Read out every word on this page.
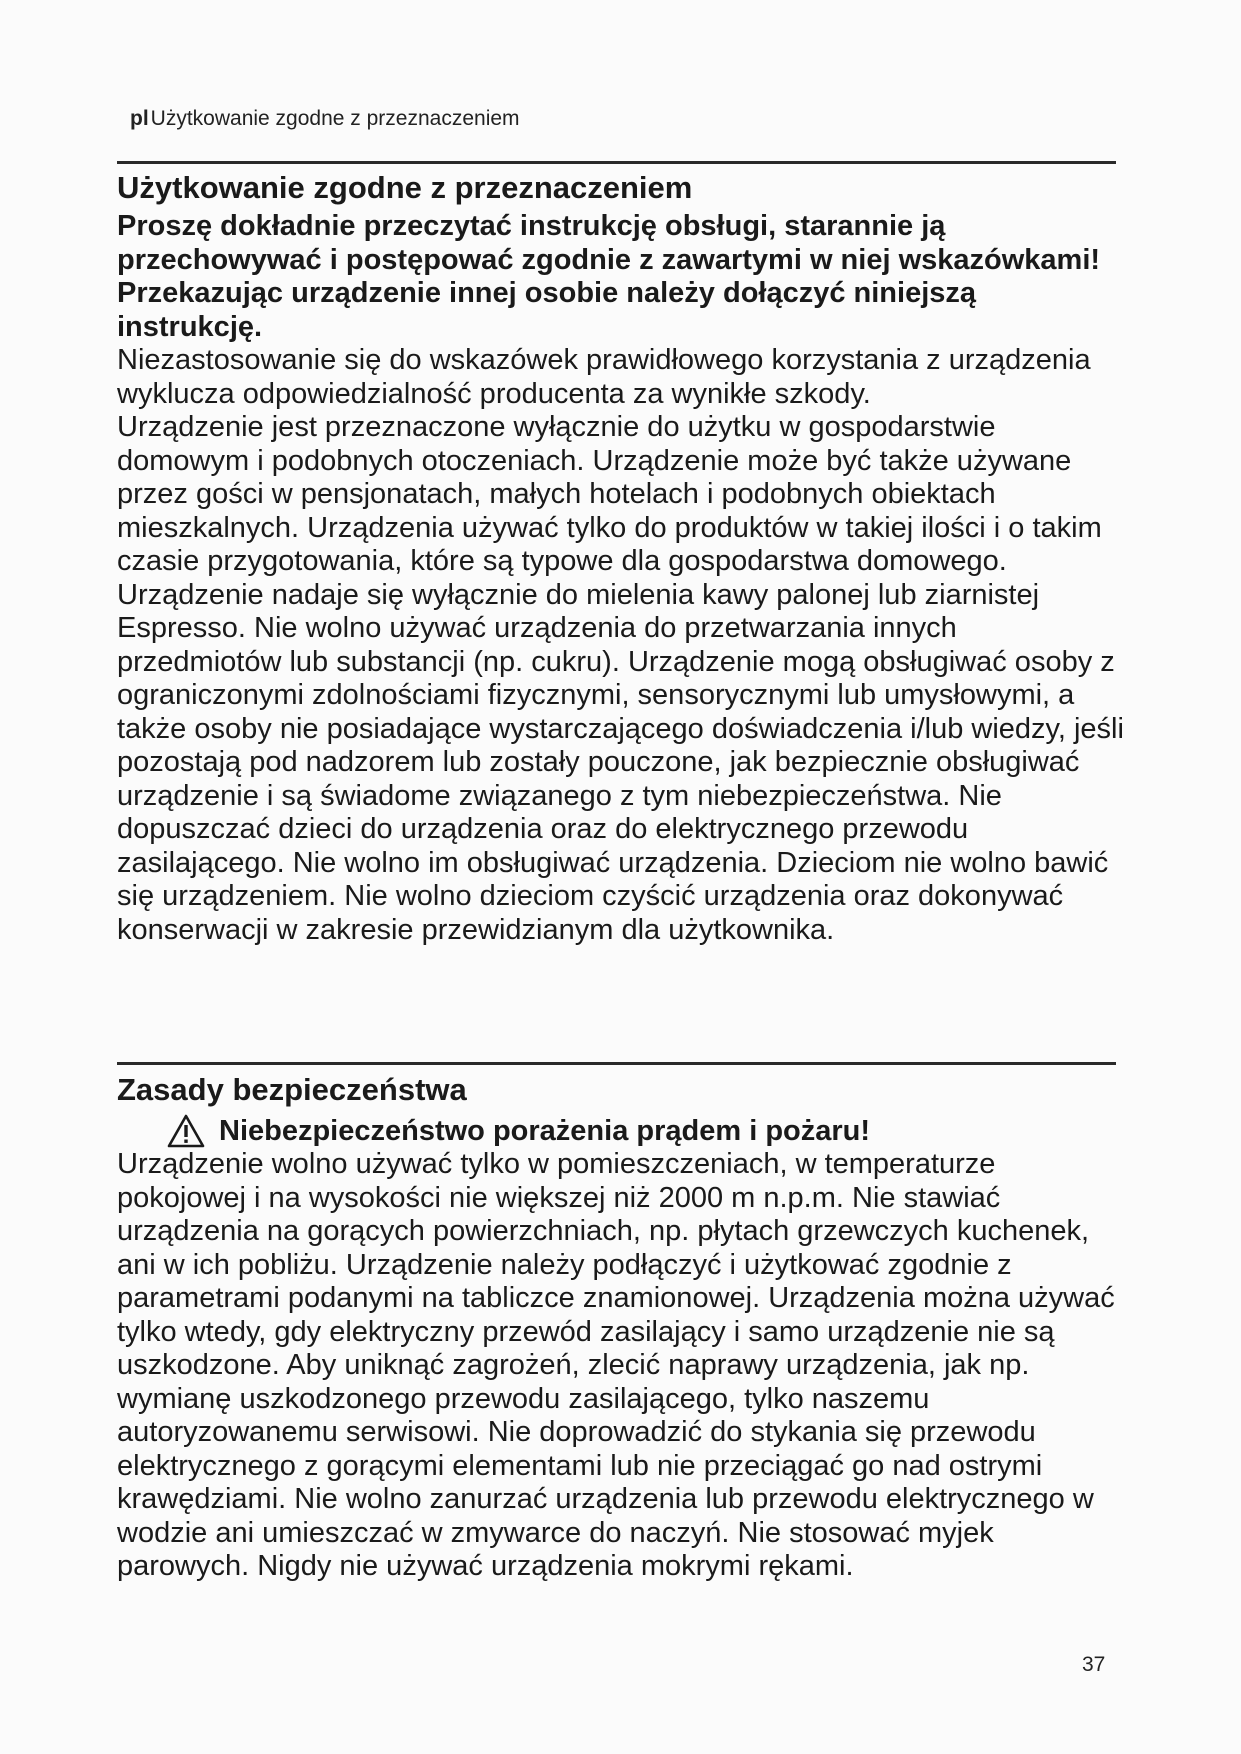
plUżytkowanie zgodne z przeznaczeniem
Użytkowanie zgodne z przeznaczeniem

Proszę dokładnie przeczytać instrukcję obsługi, starannie ją przechowywać i postępować zgodnie z zawartymi w niej wskazówkami! Przekazując urządzenie innej osobie należy dołączyć niniejszą instrukcję.

Niezastosowanie się do wskazówek prawidłowego korzystania z urządzenia wyklucza odpowiedzialność producenta za wynikłe szkody.

Urządzenie jest przeznaczone wyłącznie do użytku w gospodarstwie domowym i podobnych otoczeniach. Urządzenie może być także używane przez gości w pensjonatach, małych hotelach i podobnych obiektach mieszkalnych. Urządzenia używać tylko do produktów w takiej ilości i o takim czasie przygotowania, które są typowe dla gospodarstwa domowego. Urządzenie nadaje się wyłącznie do mielenia kawy palonej lub ziarnistej Espresso. Nie wolno używać urządzenia do przetwarzania innych przedmiotów lub substancji (np. cukru). Urządzenie mogą obsługiwać osoby z ograniczonymi zdolnościami fizycznymi, sensorycznymi lub umysłowymi, a także osoby nie posiadające wystarczającego doświadczenia i/lub wiedzy, jeśli pozostają pod nadzorem lub zostały pouczone, jak bezpiecznie obsługiwać urządzenie i są świadome związanego z tym niebezpieczeństwa. Nie dopuszczać dzieci do urządzenia oraz do elektrycznego przewodu zasilającego. Nie wolno im obsługiwać urządzenia. Dzieciom nie wolno bawić się urządzeniem. Nie wolno dzieciom czyścić urządzenia oraz dokonywać konserwacji w zakresie przewidzianym dla użytkownika.

Zasady bezpieczeństwa
Niebezpieczeństwo porażenia prądem i pożaru!

Urządzenie wolno używać tylko w pomieszczeniach, w temperaturze pokojowej i na wysokości nie większej niż 2000 m n.p.m. Nie stawiać urządzenia na gorących powierzchniach, np. płytach grzewczych kuchenek, ani w ich pobliżu. Urządzenie należy podłączyć i użytkować zgodnie z parametrami podanymi na tabliczce znamionowej. Urządzenia można używać tylko wtedy, gdy elektryczny przewód zasilający i samo urządzenie nie są uszkodzone. Aby uniknąć zagrożeń, zlecić naprawy urządzenia, jak np. wymianę uszkodzonego przewodu zasilającego, tylko naszemu autoryzowanemu serwisowi. Nie doprowadzić do stykania się przewodu elektrycznego z gorącymi elementami lub nie przeciągać go nad ostrymi krawędziami. Nie wolno zanurzać urządzenia lub przewodu elektrycznego w wodzie ani umieszczać w zmywarce do naczyń. Nie stosować myjek parowych. Nigdy nie używać urządzenia mokrymi rękami.

37
